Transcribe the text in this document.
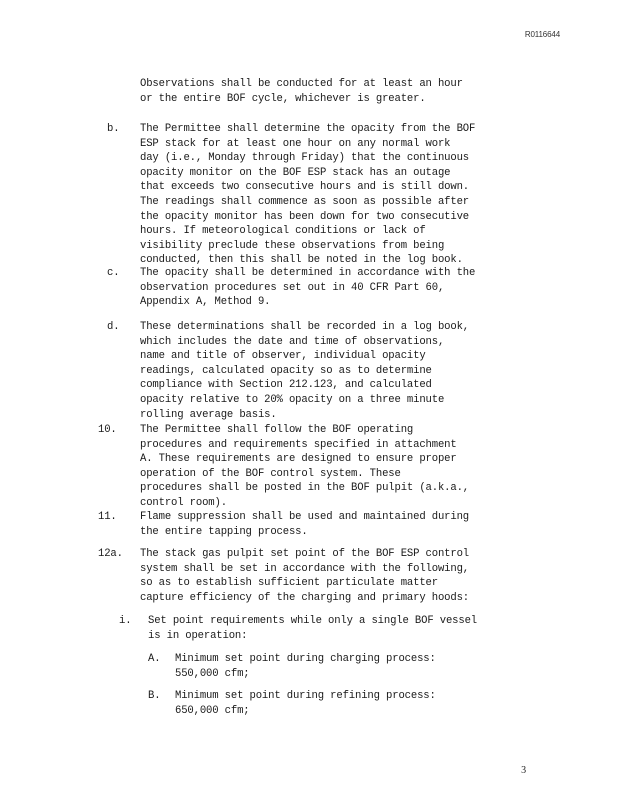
R0116644
Observations shall be conducted for at least an hour
or the entire BOF cycle, whichever is greater.
b. The Permittee shall determine the opacity from the BOF
ESP stack for at least one hour on any normal work
day (i.e., Monday through Friday) that the continuous
opacity monitor on the BOF ESP stack has an outage
that exceeds two consecutive hours and is still down.
The readings shall commence as soon as possible after
the opacity monitor has been down for two consecutive
hours. If meteorological conditions or lack of
visibility preclude these observations from being
conducted, then this shall be noted in the log book.
c. The opacity shall be determined in accordance with the
observation procedures set out in 40 CFR Part 60,
Appendix A, Method 9.
d. These determinations shall be recorded in a log book,
which includes the date and time of observations,
name and title of observer, individual opacity
readings, calculated opacity so as to determine
compliance with Section 212.123, and calculated
opacity relative to 20% opacity on a three minute
rolling average basis.
10. The Permittee shall follow the BOF operating
procedures and requirements specified in attachment
A. These requirements are designed to ensure proper
operation of the BOF control system. These
procedures shall be posted in the BOF pulpit (a.k.a.,
control room).
11. Flame suppression shall be used and maintained during
the entire tapping process.
12a. The stack gas pulpit set point of the BOF ESP control
system shall be set in accordance with the following,
so as to establish sufficient particulate matter
capture efficiency of the charging and primary hoods:
i. Set point requirements while only a single BOF vessel
is in operation:
A. Minimum set point during charging process:
550,000 cfm;
B. Minimum set point during refining process:
650,000 cfm;
3
